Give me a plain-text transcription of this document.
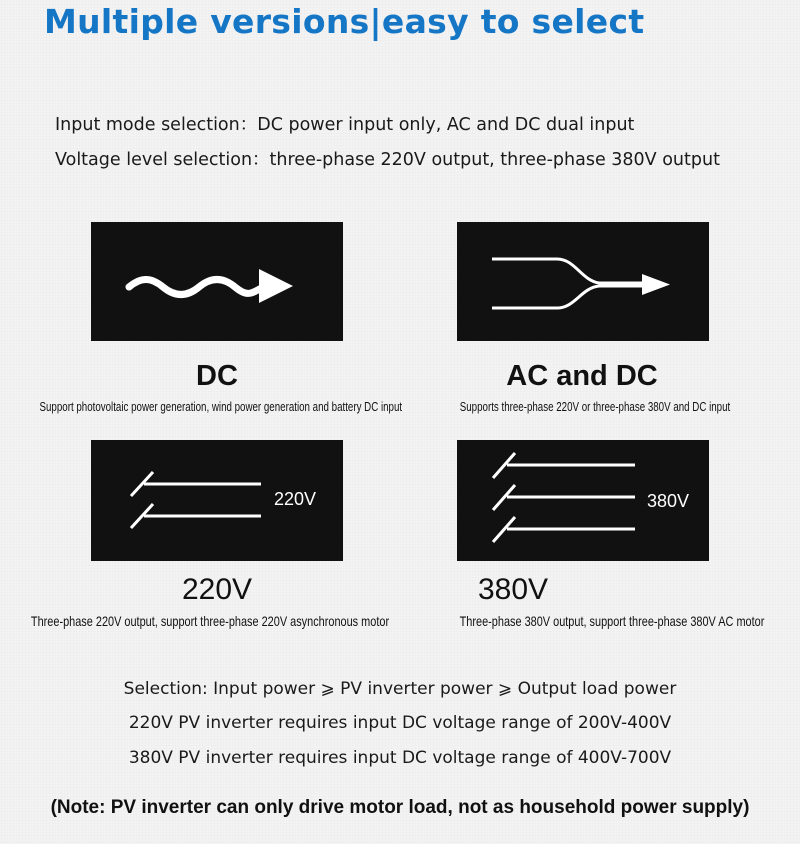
Multiple versions|easy to select
Input mode selection：DC power input only, AC and DC dual input
Voltage level selection：three-phase 220V output, three-phase 380V output
DC
Support photovoltaic power generation, wind power generation and battery DC input
AC and DC
Supports three-phase 220V or three-phase 380V and DC input
220V
220V
Three-phase 220V output, support three-phase 220V asynchronous motor
380V
380V
Three-phase 380V output, support three-phase 380V AC motor
Selection: Input power ⩾ PV inverter power ⩾ Output load power
220V PV inverter requires input DC voltage range of 200V-400V
380V PV inverter requires input DC voltage range of 400V-700V
(Note: PV inverter can only drive motor load, not as household power supply)
